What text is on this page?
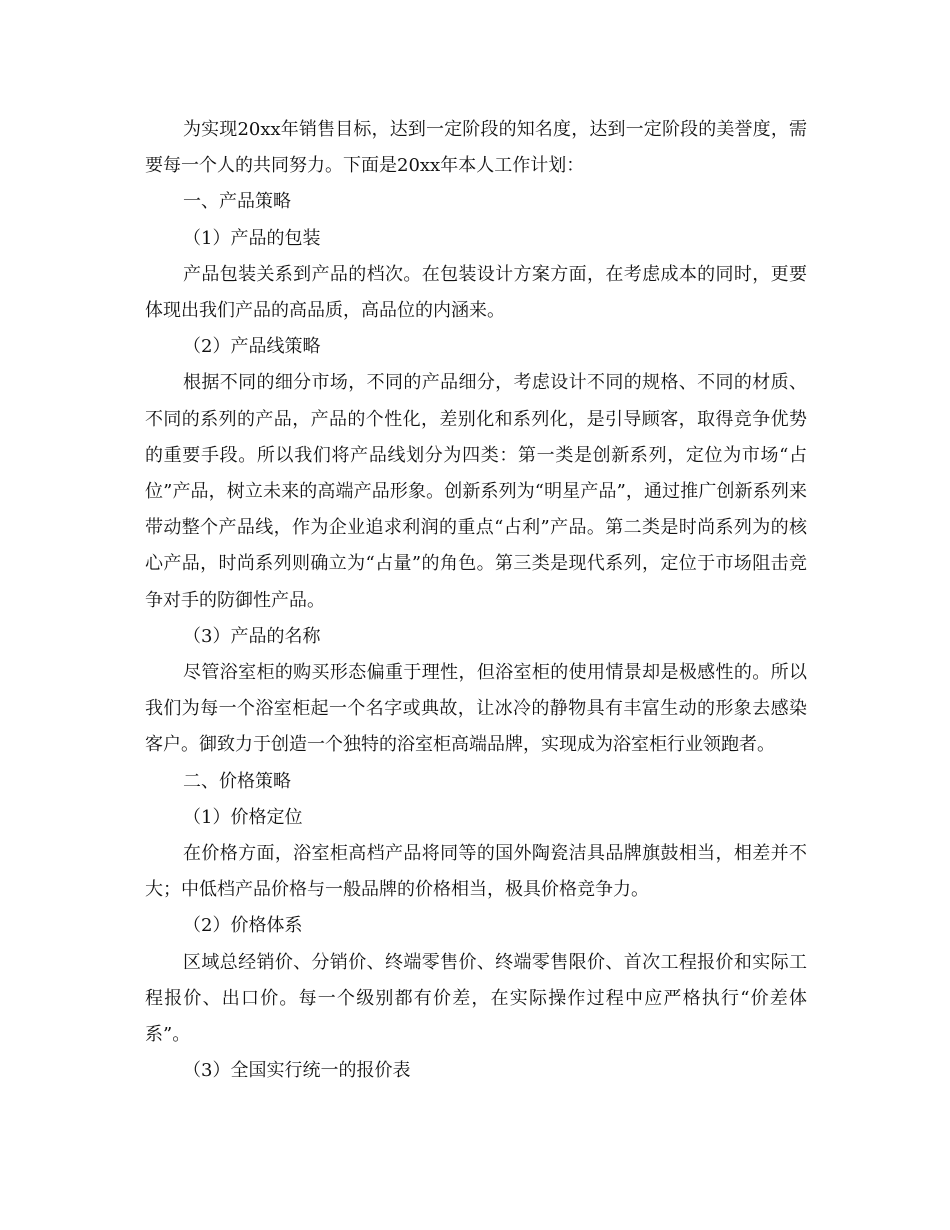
为实现20xx年销售目标，达到一定阶段的知名度，达到一定阶段的美誉度，需要每一个人的共同努力。下面是20xx年本人工作计划：

一、产品策略

（1）产品的包装

产品包装关系到产品的档次。在包装设计方案方面，在考虑成本的同时，更要体现出我们产品的高品质，高品位的内涵来。

（2）产品线策略

根据不同的细分市场，不同的产品细分，考虑设计不同的规格、不同的材质、不同的系列的产品，产品的个性化，差别化和系列化，是引导顾客，取得竞争优势的重要手段。所以我们将产品线划分为四类：第一类是创新系列，定位为市场“占位”产品，树立未来的高端产品形象。创新系列为“明星产品”，通过推广创新系列来带动整个产品线，作为企业追求利润的重点“占利”产品。第二类是时尚系列为的核心产品，时尚系列则确立为“占量”的角色。第三类是现代系列，定位于市场阻击竞争对手的防御性产品。

（3）产品的名称

尽管浴室柜的购买形态偏重于理性，但浴室柜的使用情景却是极感性的。所以我们为每一个浴室柜起一个名字或典故，让冰冷的静物具有丰富生动的形象去感染客户。御致力于创造一个独特的浴室柜高端品牌，实现成为浴室柜行业领跑者。

二、价格策略

（1）价格定位

在价格方面，浴室柜高档产品将同等的国外陶瓷洁具品牌旗鼓相当，相差并不大；中低档产品价格与一般品牌的价格相当，极具价格竞争力。

（2）价格体系

区域总经销价、分销价、终端零售价、终端零售限价、首次工程报价和实际工程报价、出口价。每一个级别都有价差，在实际操作过程中应严格执行“价差体系”。

（3）全国实行统一的报价表
